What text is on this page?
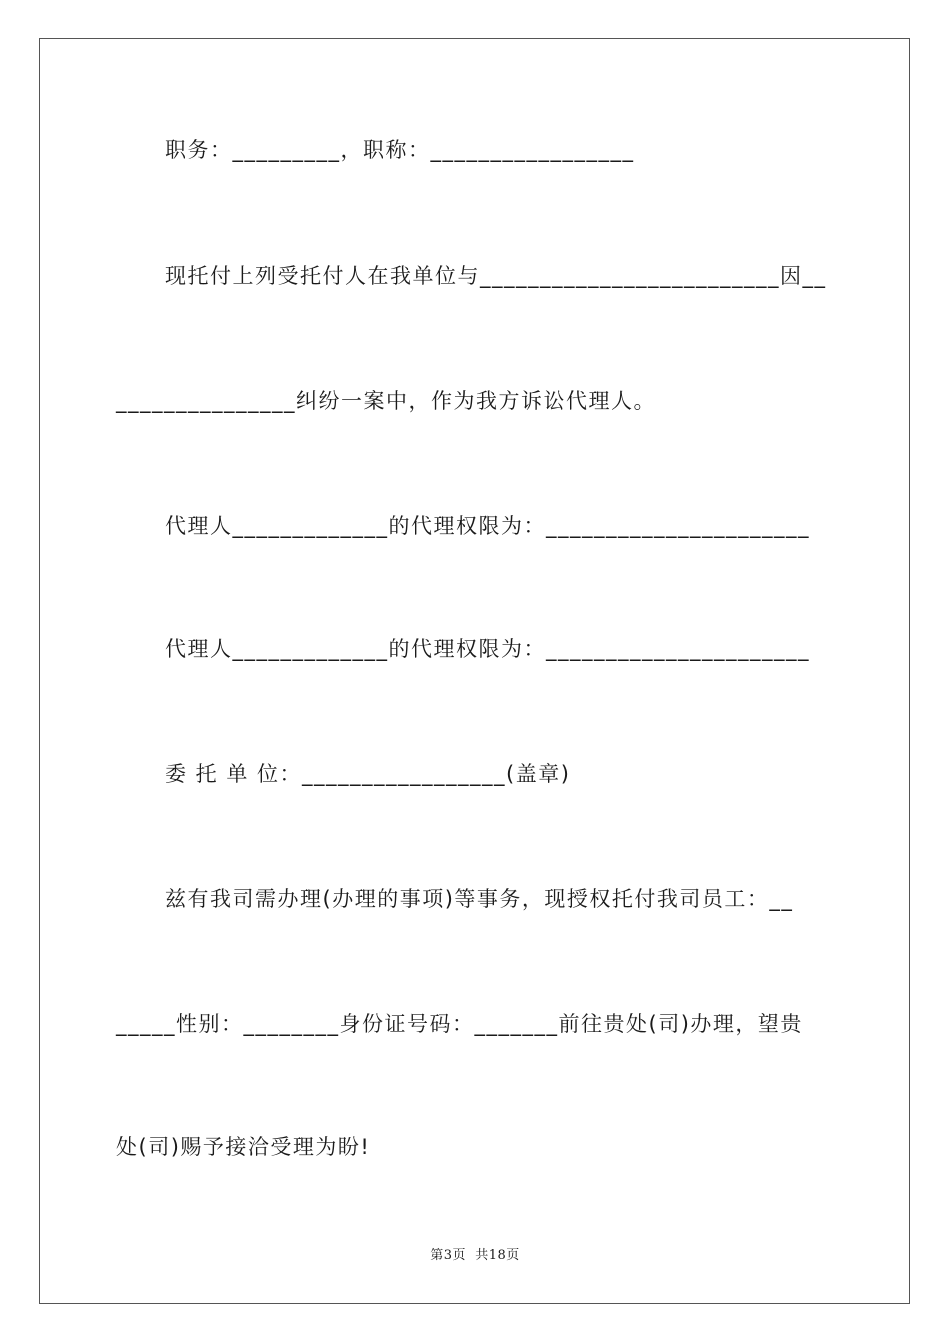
职务：_________，职称：_________________
现托付上列受托付人在我单位与_________________________因__
_______________纠纷一案中，作为我方诉讼代理人。
代理人_____________的代理权限为：______________________
代理人_____________的代理权限为：______________________
委 托 单 位：_________________(盖章)
兹有我司需办理(办理的事项)等事务，现授权托付我司员工：__
_____性别：________身份证号码：_______前往贵处(司)办理，望贵
处(司)赐予接洽受理为盼!
第3页  共18页
